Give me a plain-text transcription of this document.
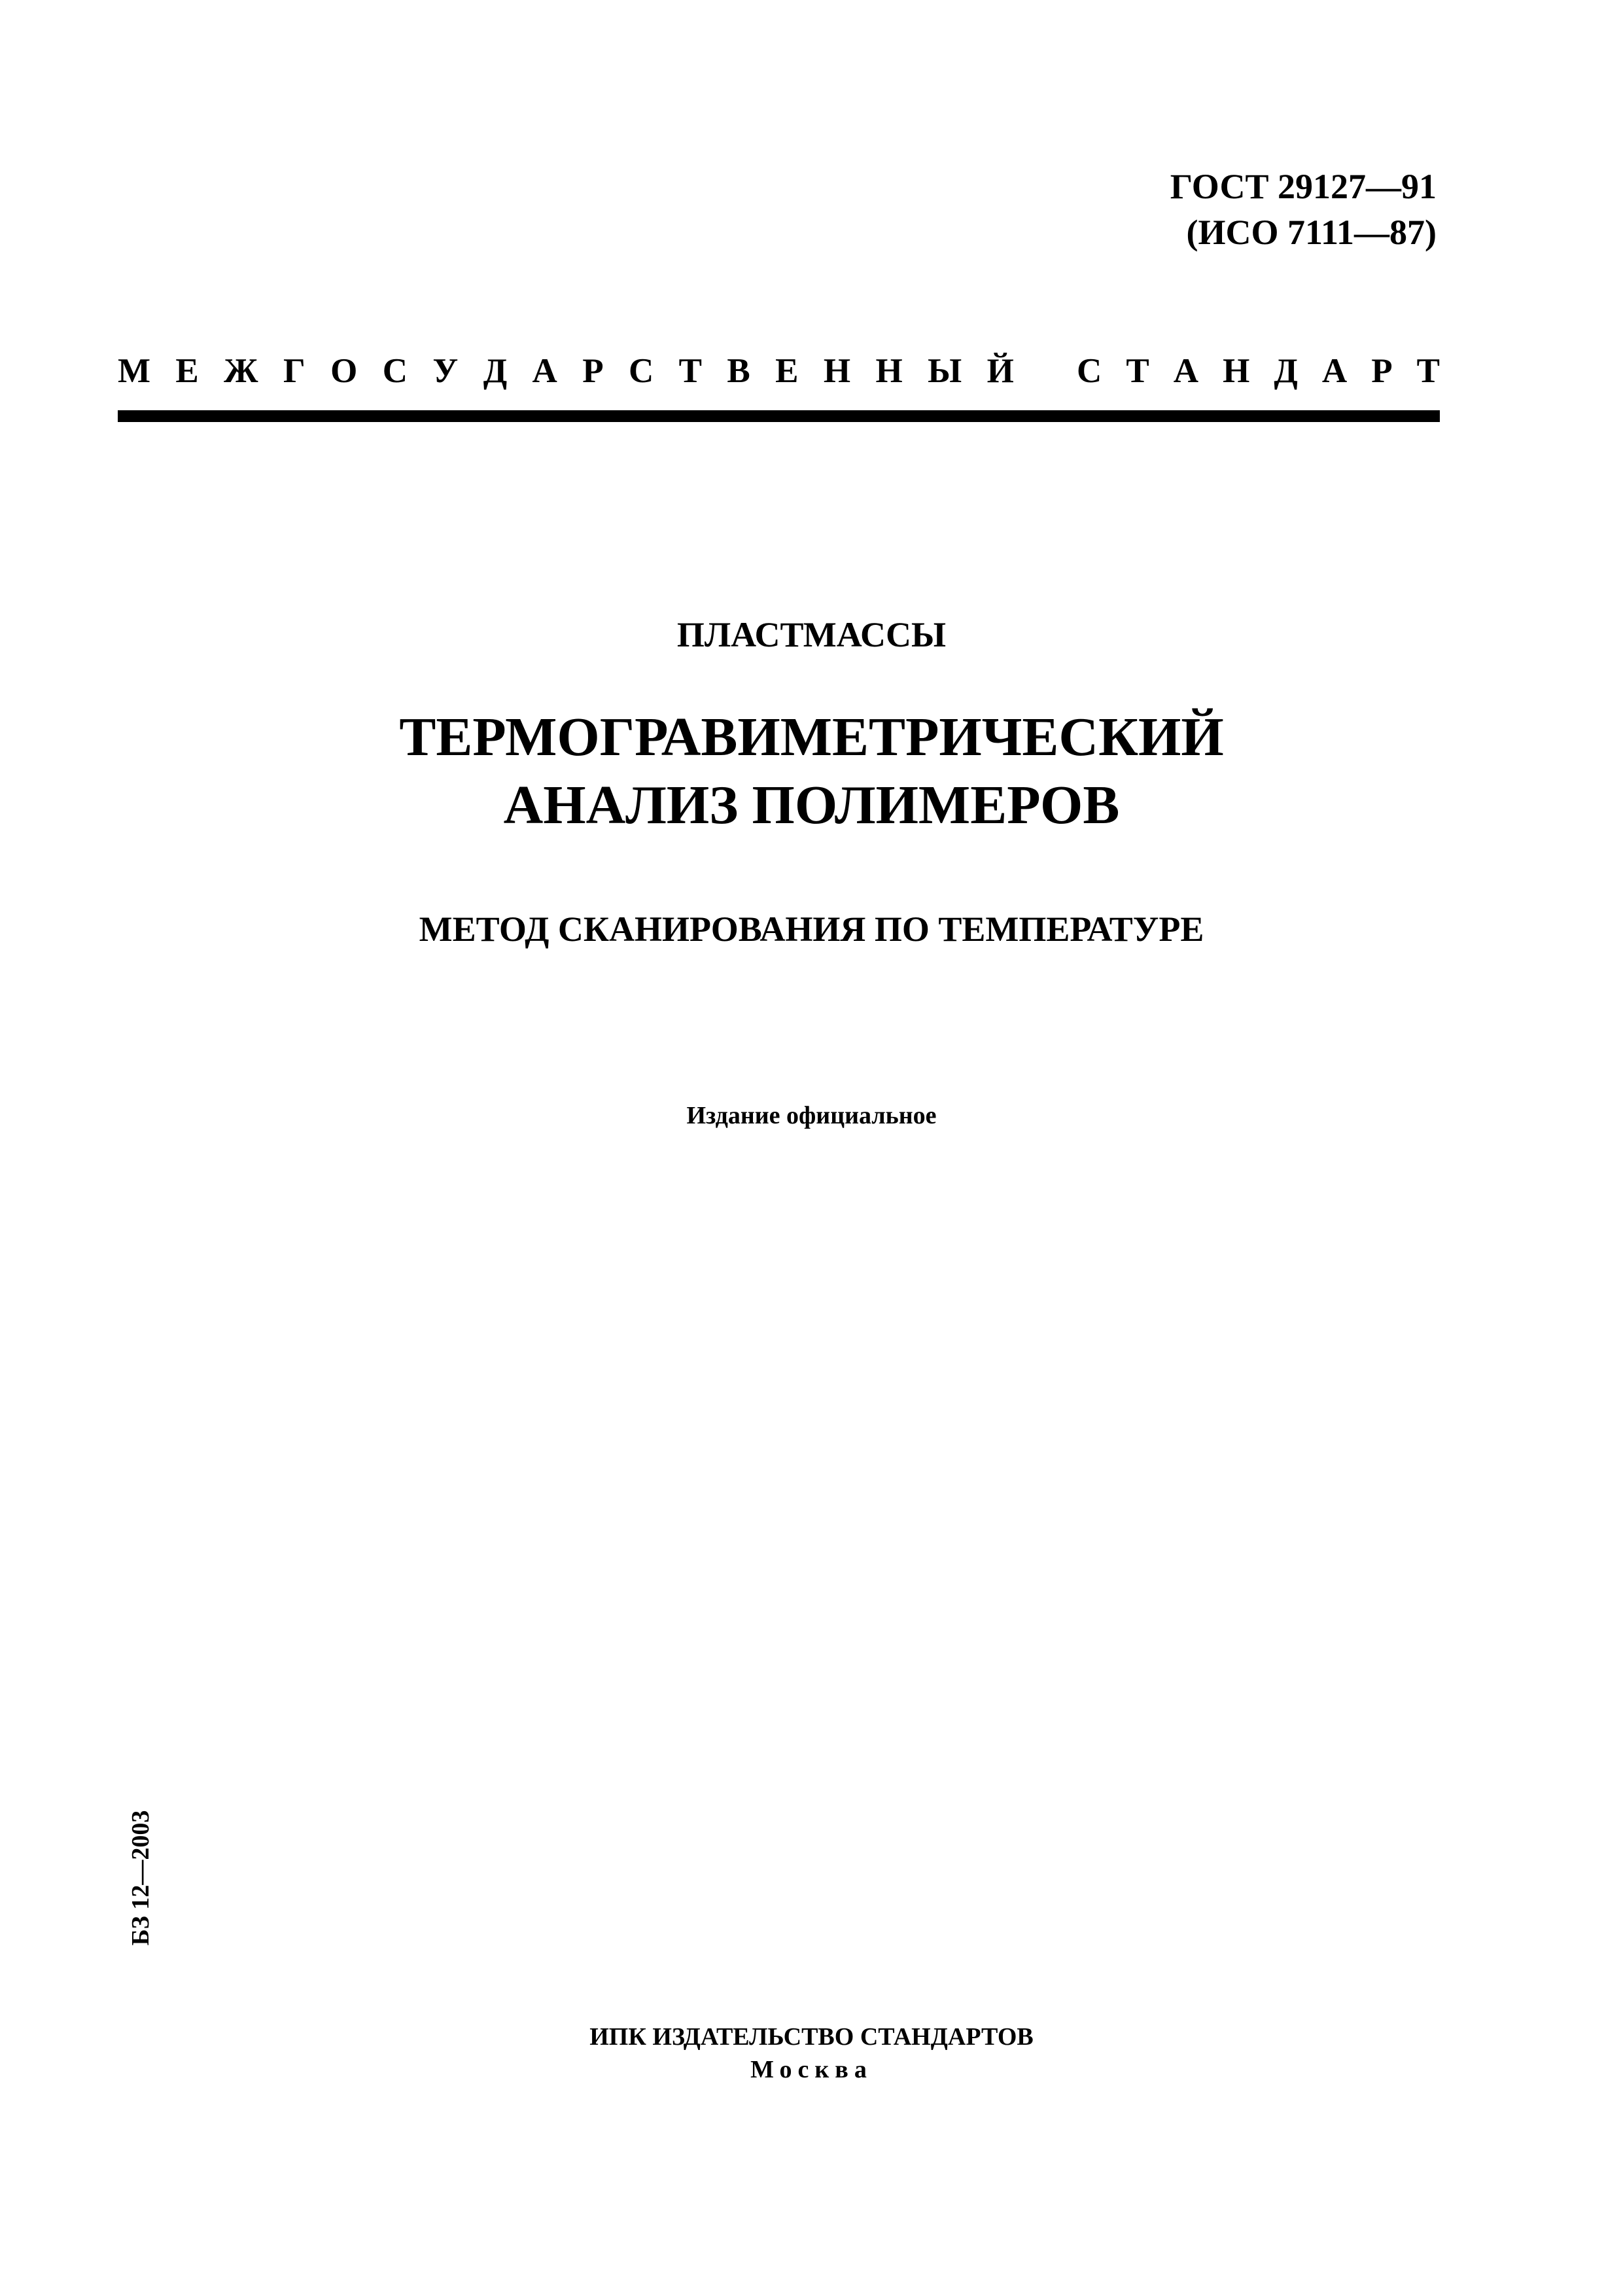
ГОСТ 29127—91
(ИСО 7111—87)
М Е Ж Г О С У Д А Р С Т В Е Н Н Ы Й С Т А Н Д А Р Т
ПЛАСТМАССЫ
ТЕРМОГРАВИМЕТРИЧЕСКИЙ
АНАЛИЗ ПОЛИМЕРОВ
МЕТОД СКАНИРОВАНИЯ ПО ТЕМПЕРАТУРЕ
Издание официальное
БЗ 12—2003
ИПК ИЗДАТЕЛЬСТВО СТАНДАРТОВ
Москва
